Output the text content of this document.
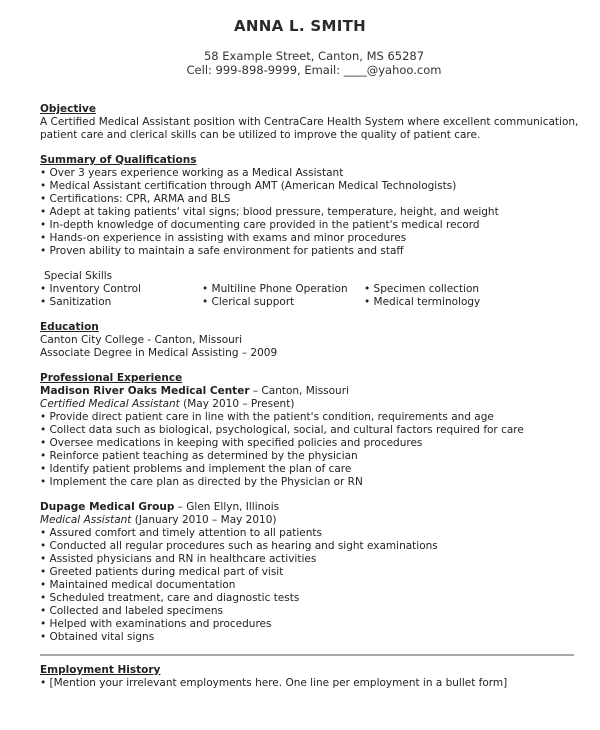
ANNA L. SMITH
58 Example Street, Canton, MS 65287
Cell: 999-898-9999, Email: ____@yahoo.com
Objective
A Certified Medical Assistant position with CentraCare Health System where excellent communication,
patient care and clerical skills can be utilized to improve the quality of patient care.
Summary of Qualifications
• Over 3 years experience working as a Medical Assistant
• Medical Assistant certification through AMT (American Medical Technologists)
• Certifications: CPR, ARMA and BLS
• Adept at taking patients' vital signs; blood pressure, temperature, height, and weight
• In-depth knowledge of documenting care provided in the patient's medical record
• Hands-on experience in assisting with exams and minor procedures
• Proven ability to maintain a safe environment for patients and staff
Special Skills
• Inventory Control	• Multiline Phone Operation	• Specimen collection
• Sanitization	• Clerical support	• Medical terminology
Education
Canton City College - Canton, Missouri
Associate Degree in Medical Assisting – 2009
Professional Experience
Madison River Oaks Medical Center – Canton, Missouri
Certified Medical Assistant (May 2010 – Present)
• Provide direct patient care in line with the patient's condition, requirements and age
• Collect data such as biological, psychological, social, and cultural factors required for care
• Oversee medications in keeping with specified policies and procedures
• Reinforce patient teaching as determined by the physician
• Identify patient problems and implement the plan of care
• Implement the care plan as directed by the Physician or RN
Dupage Medical Group – Glen Ellyn, Illinois
Medical Assistant (January 2010 – May 2010)
• Assured comfort and timely attention to all patients
• Conducted all regular procedures such as hearing and sight examinations
• Assisted physicians and RN in healthcare activities
• Greeted patients during medical part of visit
• Maintained medical documentation
• Scheduled treatment, care and diagnostic tests
• Collected and labeled specimens
• Helped with examinations and procedures
• Obtained vital signs
Employment History
• [Mention your irrelevant employments here. One line per employment in a bullet form]
